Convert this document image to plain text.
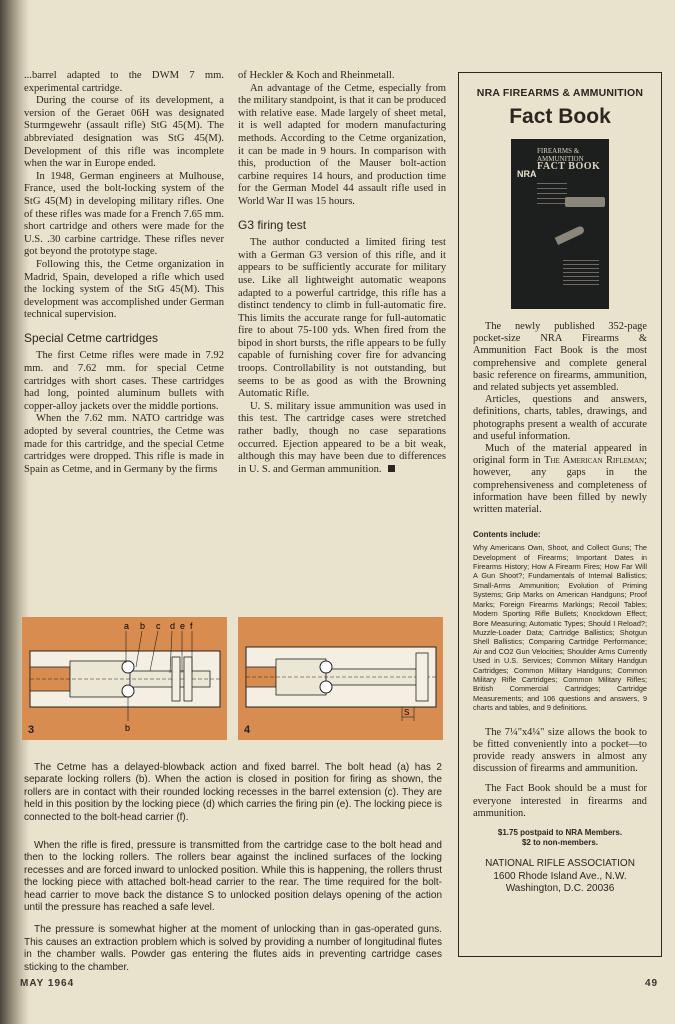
...barrel adapted to the DWM 7 mm. experimental cartridge.

During the course of its development, a version of the Geraet 06H was designated Sturmgewehr (assault rifle) StG 45(M). The abbreviated designation was StG 45(M). Development of this rifle was incomplete when the war in Europe ended.

In 1948, German engineers at Mulhouse, France, used the bolt-locking system of the StG 45(M) in developing military rifles. One of these rifles was made for a French 7.65 mm. short cartridge and others were made for the U.S. .30 carbine cartridge. These rifles never got beyond the prototype stage.

Following this, the Cetme organization in Madrid, Spain, developed a rifle which used the locking system of the StG 45(M). This development was accomplished under German technical supervision.

Special Cetme cartridges

The first Cetme rifles were made in 7.92 mm. and 7.62 mm. for special Cetme cartridges with short cases. These cartridges had long, pointed aluminum bullets with copper-alloy jackets over the middle portions.

When the 7.62 mm. NATO cartridge was adopted by several countries, the Cetme was made for this cartridge, and the special Cetme cartridges were dropped. This rifle is made in Spain as Cetme, and in Germany by the firms

of Heckler & Koch and Rheinmetall.

An advantage of the Cetme, especially from the military standpoint, is that it can be produced with relative ease. Made largely of sheet metal, it is well adapted for modern manufacturing methods. According to the Cetme organization, it can be made in 9 hours. In comparison with this, production of the Mauser bolt-action carbine requires 14 hours, and production time for the German Model 44 assault rifle used in World War II was 15 hours.

G3 firing test

The author conducted a limited firing test with a German G3 version of this rifle, and it appears to be sufficiently accurate for military use. Like all lightweight automatic weapons adapted to a powerful cartridge, this rifle has a distinct tendency to climb in full-automatic fire. This limits the accurate range for full-automatic fire to about 75-100 yds. When fired from the bipod in short bursts, the rifle appears to be fully capable of furnishing cover fire for advancing troops. Controllability is not outstanding, but seems to be as good as with the Browning Automatic Rifle.

U. S. military issue ammunition was used in this test. The cartridge cases were stretched rather badly, though no case separations occurred. Ejection appeared to be a bit weak, although this may have been due to differences in U. S. and German ammunition.

NRA FIREARMS & AMMUNITION
Fact Book
NRA
FIREARMS & AMMUNITION
FACT BOOK

The newly published 352-page pocket-size NRA Firearms & Ammunition Fact Book is the most comprehensive and complete general basic reference on firearms, ammunition, and related subjects yet assembled.

Articles, questions and answers, definitions, charts, tables, drawings, and photographs present a wealth of accurate and useful information.

Much of the material appeared in original form in The American Rifleman; however, any gaps in the comprehensiveness and completeness of information have been filled by newly written material.

Contents include:
Why Americans Own, Shoot, and Collect Guns; The Development of Firearms; Important Dates in Firearms History; How A Firearm Fires; How Far Will A Gun Shoot?; Fundamentals of Internal Ballistics; Small-Arms Ammunition; Evolution of Priming Systems; Grip Marks on American Handguns; Proof Marks; Foreign Firearms Markings; Recoil Tables; Modern Sporting Rifle Bullets; Knockdown Effect; Bore Measuring; Automatic Types; Should I Reload?; Muzzle-Loader Data; Cartridge Ballistics; Shotgun Shell Ballistics; Comparing Cartridge Performance; Air and CO2 Gun Velocities; Shoulder Arms Currently Used in U.S. Services; Common Military Handgun Cartridges; Common Military Handguns; Common Military Rifle Cartridges; Common Military Rifles; British Commercial Cartridges; Cartridge Measurements; and 106 questions and answers, 9 charts and tables, and 9 definitions.

The 7¼"x4¼" size allows the book to be fitted conveniently into a pocket—to provide ready answers in almost any discussion of firearms and ammunition.

The Fact Book should be a must for everyone interested in firearms and ammunition.

$1.75 postpaid to NRA Members.
$2 to non-members.
NATIONAL RIFLE ASSOCIATION
1600 Rhode Island Ave., N.W.
Washington, D.C. 20036
a b c d e f
b
3
S
4

The Cetme has a delayed-blowback action and fixed barrel. The bolt head (a) has 2 separate locking rollers (b). When the action is closed in position for firing as shown, the rollers are in contact with their rounded locking recesses in the barrel extension (c). They are held in this position by the locking piece (d) which carries the firing pin (e). The locking piece is connected to the bolt-head carrier (f).

When the rifle is fired, pressure is transmitted from the cartridge case to the bolt head and then to the locking rollers. The rollers bear against the inclined surfaces of the locking recesses and are forced inward to unlocked position. While this is happening, the rollers thrust the locking piece with attached bolt-head carrier to the rear. The time required for the bolt-head carrier to move back the distance S to unlocked position delays opening of the action until the pressure has reached a safe level.

The pressure is somewhat higher at the moment of unlocking than in gas-operated guns. This causes an extraction problem which is solved by providing a number of longitudinal flutes in the chamber walls. Powder gas entering the flutes aids in preventing cartridge cases sticking to the chamber.

MAY 1964	49
